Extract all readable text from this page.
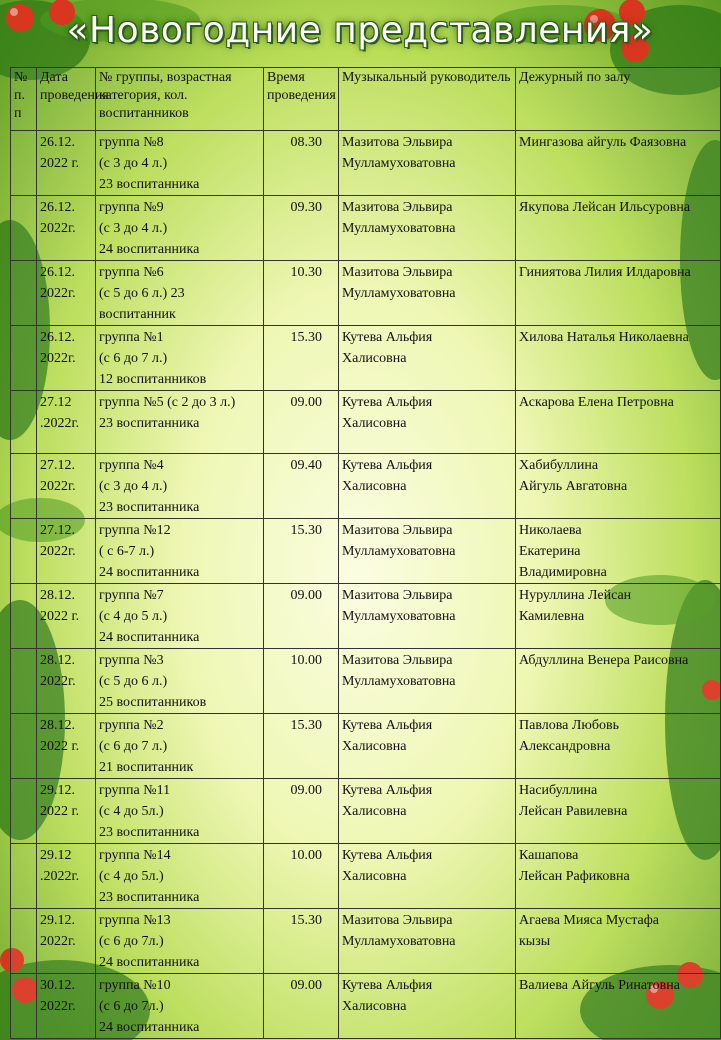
«Новогодние представления»
№ п. п	Дата проведения	№ группы, возрастная категория, кол. воспитанников	Время проведения	Музыкальный руководитель	Дежурный по залу
	26.12.
2022 г.	группа №8
(с 3 до 4 л.)
23 воспитанника	08.30	Мазитова Эльвира
Мулламуховатовна	Мингазова айгуль Фаязовна
	26.12.
2022г.	группа №9
(с 3 до 4 л.)
24 воспитанника	09.30	Мазитова Эльвира
Мулламуховатовна	Якупова Лейсан Ильсуровна
	26.12.
2022г.	группа №6
(с 5 до 6 л.) 23
воспитанник	10.30	Мазитова Эльвира
Мулламуховатовна	Гиниятова Лилия Илдаровна
	26.12.
2022г.	группа №1
(с 6 до 7 л.)
12 воспитанников	15.30	Кутева Альфия
Халисовна	Хилова Наталья Николаевна
	27.12
.2022г.	группа №5 (с 2 до 3 л.)
23 воспитанника	09.00	Кутева Альфия
Халисовна	Аскарова Елена Петровна
	27.12.
2022г.	группа №4
(с 3 до 4 л.)
23 воспитанника	09.40	Кутева Альфия
Халисовна	Хабибуллина
Айгуль Авгатовна
	27.12.
2022г.	группа №12
( с 6-7 л.)
24 воспитанника	15.30	Мазитова Эльвира
Мулламуховатовна	Николаева
Екатерина
Владимировна
	28.12.
2022 г.	группа №7
(с 4 до 5 л.)
24 воспитанника	09.00	Мазитова Эльвира
Мулламуховатовна	Нуруллина Лейсан
Камилевна
	28.12.
2022г.	группа №3
(с 5 до 6 л.)
25 воспитанников	10.00	Мазитова Эльвира
Мулламуховатовна	Абдуллина Венера Раисовна
	28.12.
2022 г.	группа №2
(с 6 до 7 л.)
21 воспитанник	15.30	Кутева Альфия
Халисовна	Павлова Любовь
Александровна
	29.12.
2022 г.	группа №11
(с 4 до 5л.)
23 воспитанника	09.00	Кутева Альфия
Халисовна	Насибуллина
Лейсан Равилевна
	29.12
.2022г.	группа №14
(с 4 до 5л.)
23 воспитанника	10.00	Кутева Альфия
Халисовна	Кашапова
Лейсан Рафиковна
	29.12.
2022г.	группа №13
(с 6 до 7л.)
24 воспитанника	15.30	Мазитова Эльвира
Мулламуховатовна	Агаева Мияса Мустафа
кызы
	30.12.
2022г.	группа №10
(с 6 до 7л.)
24 воспитанника	09.00	Кутева Альфия
Халисовна	Валиева Айгуль Ринатовна
